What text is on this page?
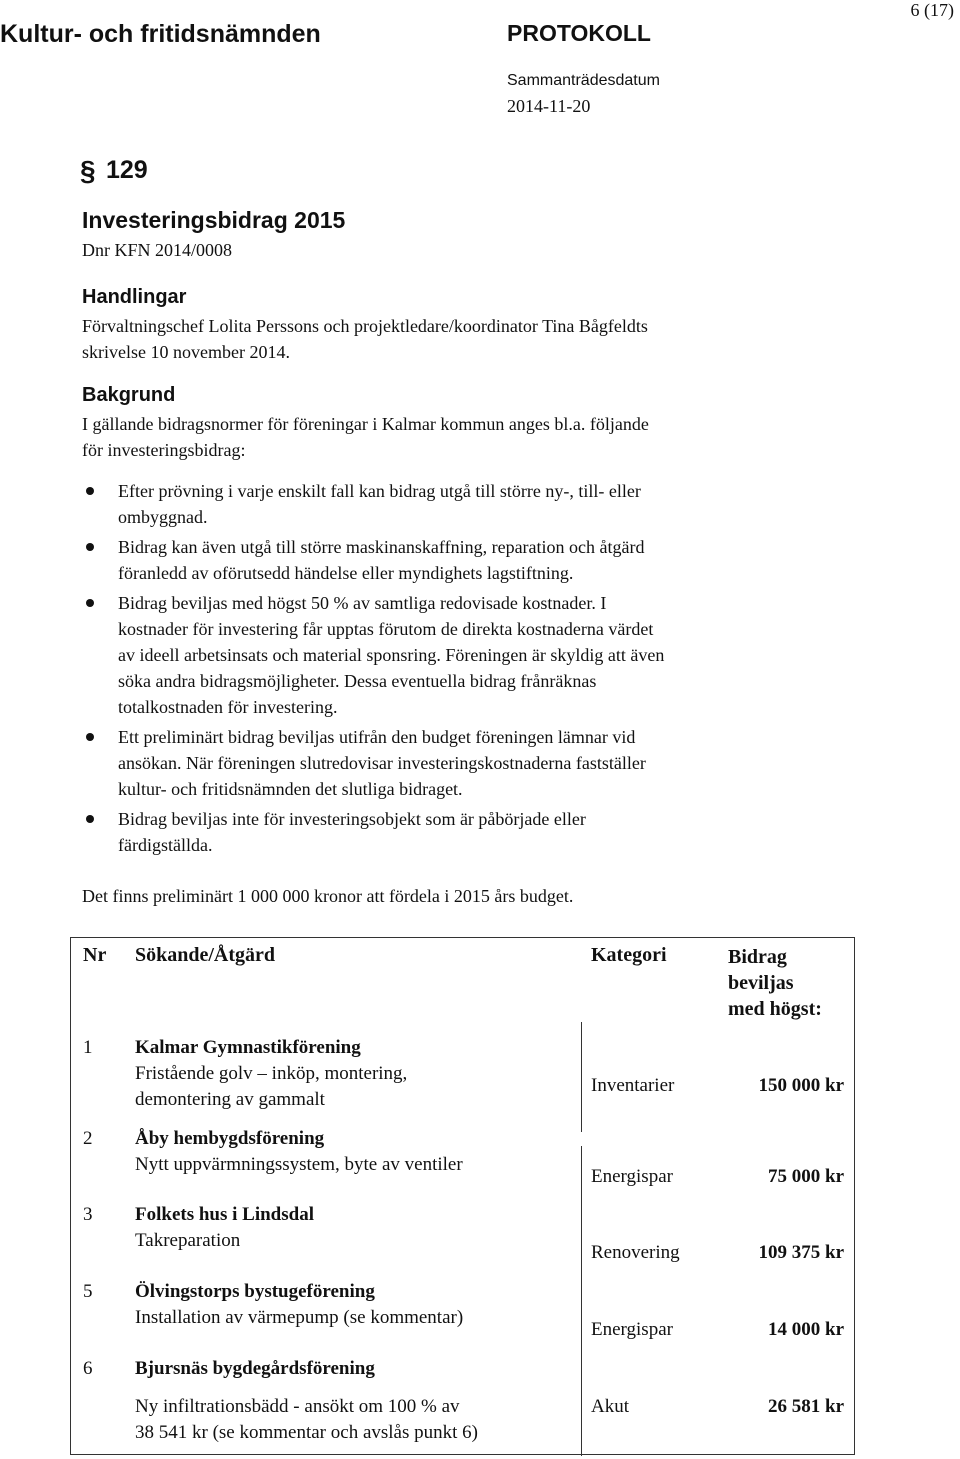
Kultur- och fritidsnämnden	PROTOKOLL
6 (17)
Sammanträdesdatum
2014-11-20
§ 129
Investeringsbidrag 2015
Dnr KFN 2014/0008
Handlingar
Förvaltningschef Lolita Perssons och projektledare/koordinator Tina Bågfeldts
skrivelse 10 november 2014.
Bakgrund
I gällande bidragsnormer för föreningar i Kalmar kommun anges bl.a. följande
för investeringsbidrag:
Efter prövning i varje enskilt fall kan bidrag utgå till större ny-, till- eller
ombyggnad.
Bidrag kan även utgå till större maskinanskaffning, reparation och åtgärd
föranledd av oförutsedd händelse eller myndighets lagstiftning.
Bidrag beviljas med högst 50 % av samtliga redovisade kostnader. I
kostnader för investering får upptas förutom de direkta kostnaderna värdet
av ideell arbetsinsats och material sponsring. Föreningen är skyldig att även
söka andra bidragsmöjligheter. Dessa eventuella bidrag frånräknas
totalkostnaden för investering.
Ett preliminärt bidrag beviljas utifrån den budget föreningen lämnar vid
ansökan. När föreningen slutredovisar investeringskostnaderna fastställer
kultur- och fritidsnämnden det slutliga bidraget.
Bidrag beviljas inte för investeringsobjekt som är påbörjade eller
färdigställda.
Det finns preliminärt 1 000 000 kronor att fördela i 2015 års budget.
Nr Sökande/Åtgärd	Kategori	Bidrag
beviljas
med högst:
1 Kalmar Gymnastikförening
Fristående golv – inköp, montering,
demontering av gammalt
Inventarier	150 000 kr
2 Åby hembygdsförening
Nytt uppvärmningssystem, byte av ventiler
Energispar	75 000 kr
3 Folkets hus i Lindsdal
Takreparation
Renovering	109 375 kr
5 Ölvingstorps bystugeförening
Installation av värmepump (se kommentar)
Energispar	14 000 kr
6 Bjursnäs bygdegårdsförening
Ny infiltrationsbädd - ansökt om 100 % av
38 541 kr (se kommentar och avslås punkt 6)
Akut	26 581 kr
